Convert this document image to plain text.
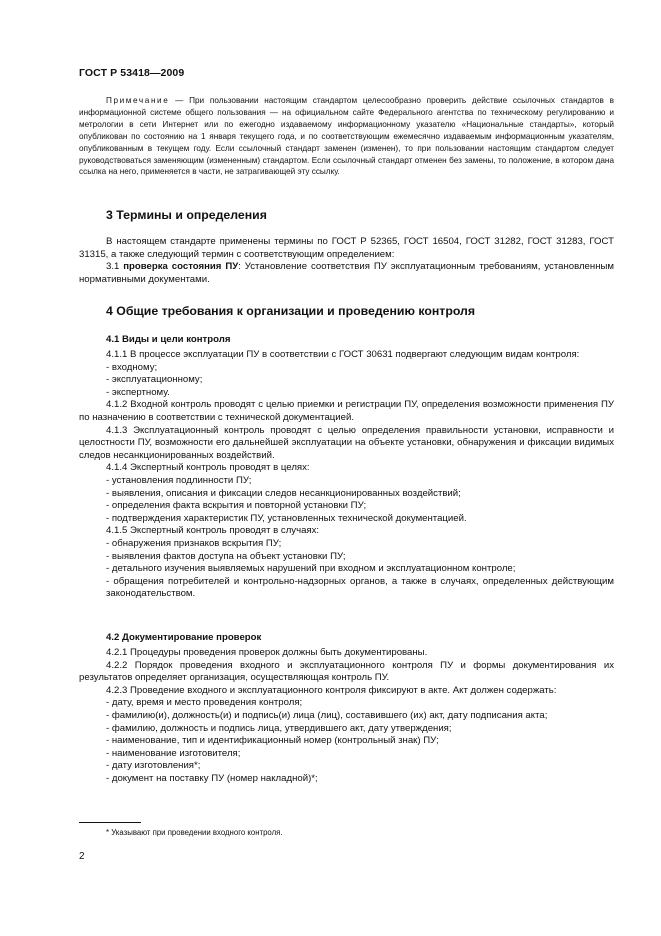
ГОСТ Р 53418—2009

Примечание — При пользовании настоящим стандартом целесообразно проверить действие ссылочных стандартов в информационной системе общего пользования — на официальном сайте Федерального агентства по техническому регулированию и метрологии в сети Интернет или по ежегодно издаваемому информационному указателю «Национальные стандарты», который опубликован по состоянию на 1 января текущего года, и по соответствующим ежемесячно издаваемым информационным указателям, опубликованным в текущем году. Если ссылочный стандарт заменен (изменен), то при пользовании настоящим стандартом следует руководствоваться заменяющим (измененным) стандартом. Если ссылочный стандарт отменен без замены, то положение, в котором дана ссылка на него, применяется в части, не затрагивающей эту ссылку.

3 Термины и определения

В настоящем стандарте применены термины по ГОСТ Р 52365, ГОСТ 16504, ГОСТ 31282, ГОСТ 31283, ГОСТ 31315, а также следующий термин с соответствующим определением:

3.1 проверка состояния ПУ: Установление соответствия ПУ эксплуатационным требованиям, установленным нормативными документами.

4 Общие требования к организации и проведению контроля
4.1 Виды и цели контроля

4.1.1 В процессе эксплуатации ПУ в соответствии с ГОСТ 30631 подвергают следующим видам контроля:

- входному;

- эксплуатационному;

- экспертному.

4.1.2 Входной контроль проводят с целью приемки и регистрации ПУ, определения возможности применения ПУ по назначению в соответствии с технической документацией.

4.1.3 Эксплуатационный контроль проводят с целью определения правильности установки, исправности и целостности ПУ, возможности его дальнейшей эксплуатации на объекте установки, обнаружения и фиксации видимых следов несанкционированных воздействий.

4.1.4 Экспертный контроль проводят в целях:

- установления подлинности ПУ;

- выявления, описания и фиксации следов несанкционированных воздействий;

- определения факта вскрытия и повторной установки ПУ;

- подтверждения характеристик ПУ, установленных технической документацией.

4.1.5 Экспертный контроль проводят в случаях:

- обнаружения признаков вскрытия ПУ;

- выявления фактов доступа на объект установки ПУ;

- детального изучения выявляемых нарушений при входном и эксплуатационном контроле;

- обращения потребителей и контрольно-надзорных органов, а также в случаях, определенных действующим законодательством.

4.2 Документирование проверок

4.2.1 Процедуры проведения проверок должны быть документированы.

4.2.2 Порядок проведения входного и эксплуатационного контроля ПУ и формы документирования их результатов определяет организация, осуществляющая контроль ПУ.

4.2.3 Проведение входного и эксплуатационного контроля фиксируют в акте. Акт должен содержать:

- дату, время и место проведения контроля;

- фамилию(и), должность(и) и подпись(и) лица (лиц), составившего (их) акт, дату подписания акта;

- фамилию, должность и подпись лица, утвердившего акт, дату утверждения;

- наименование, тип и идентификационный номер (контрольный знак) ПУ;

- наименование изготовителя;

- дату изготовления*;

- документ на поставку ПУ (номер накладной)*;

* Указывают при проведении входного контроля.
2
